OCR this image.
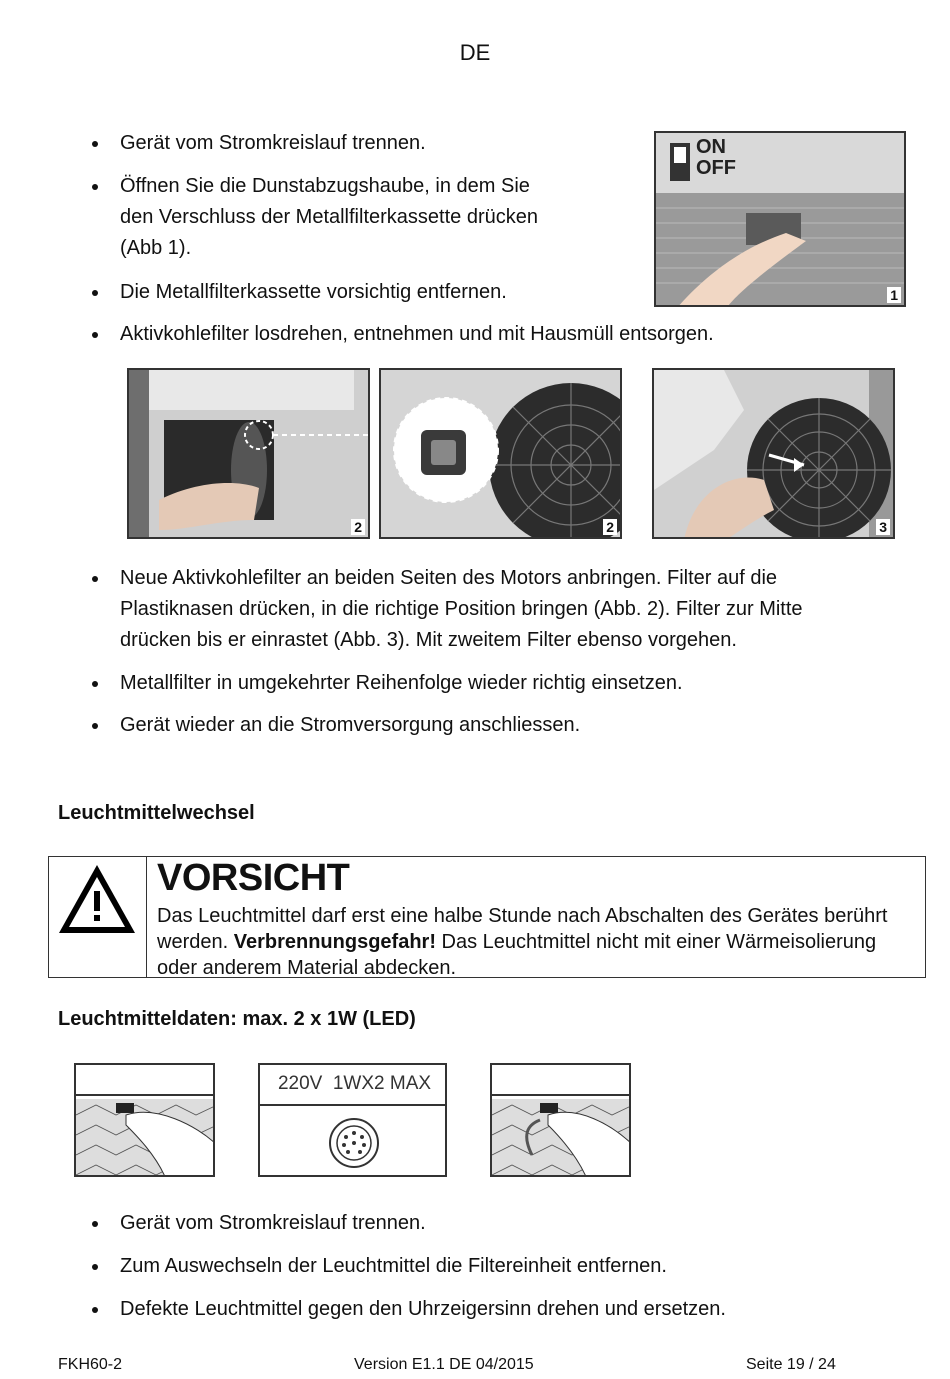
DE
Gerät vom Stromkreislauf trennen.
Öffnen Sie die Dunstabzugshaube, in dem Sie
den Verschluss der Metallfilterkassette drücken
(Abb 1).
Die Metallfilterkassette vorsichtig entfernen.
Aktivkohlefilter losdrehen, entnehmen und mit Hausmüll entsorgen.
ON
OFF
1
2	2	3
Neue Aktivkohlefilter an beiden Seiten des Motors anbringen. Filter auf die
Plastiknasen drücken, in die richtige Position bringen (Abb. 2). Filter zur Mitte
drücken bis er einrastet (Abb. 3). Mit zweitem Filter ebenso vorgehen.
Metallfilter in umgekehrter Reihenfolge wieder richtig einsetzen.
Gerät wieder an die Stromversorgung anschliessen.
Leuchtmittelwechsel
VORSICHT
Das Leuchtmittel darf erst eine halbe Stunde nach Abschalten des Gerätes berührt werden. Verbrennungsgefahr! Das Leuchtmittel nicht mit einer Wärmeisolierung oder anderem Material abdecken.
Leuchtmitteldaten: max. 2 x 1W (LED)
220V  1WX2 MAX
Gerät vom Stromkreislauf trennen.
Zum Auswechseln der Leuchtmittel die Filtereinheit entfernen.
Defekte Leuchtmittel gegen den Uhrzeigersinn drehen und ersetzen.
FKH60-2	Version E1.1 DE 04/2015	Seite 19 / 24
